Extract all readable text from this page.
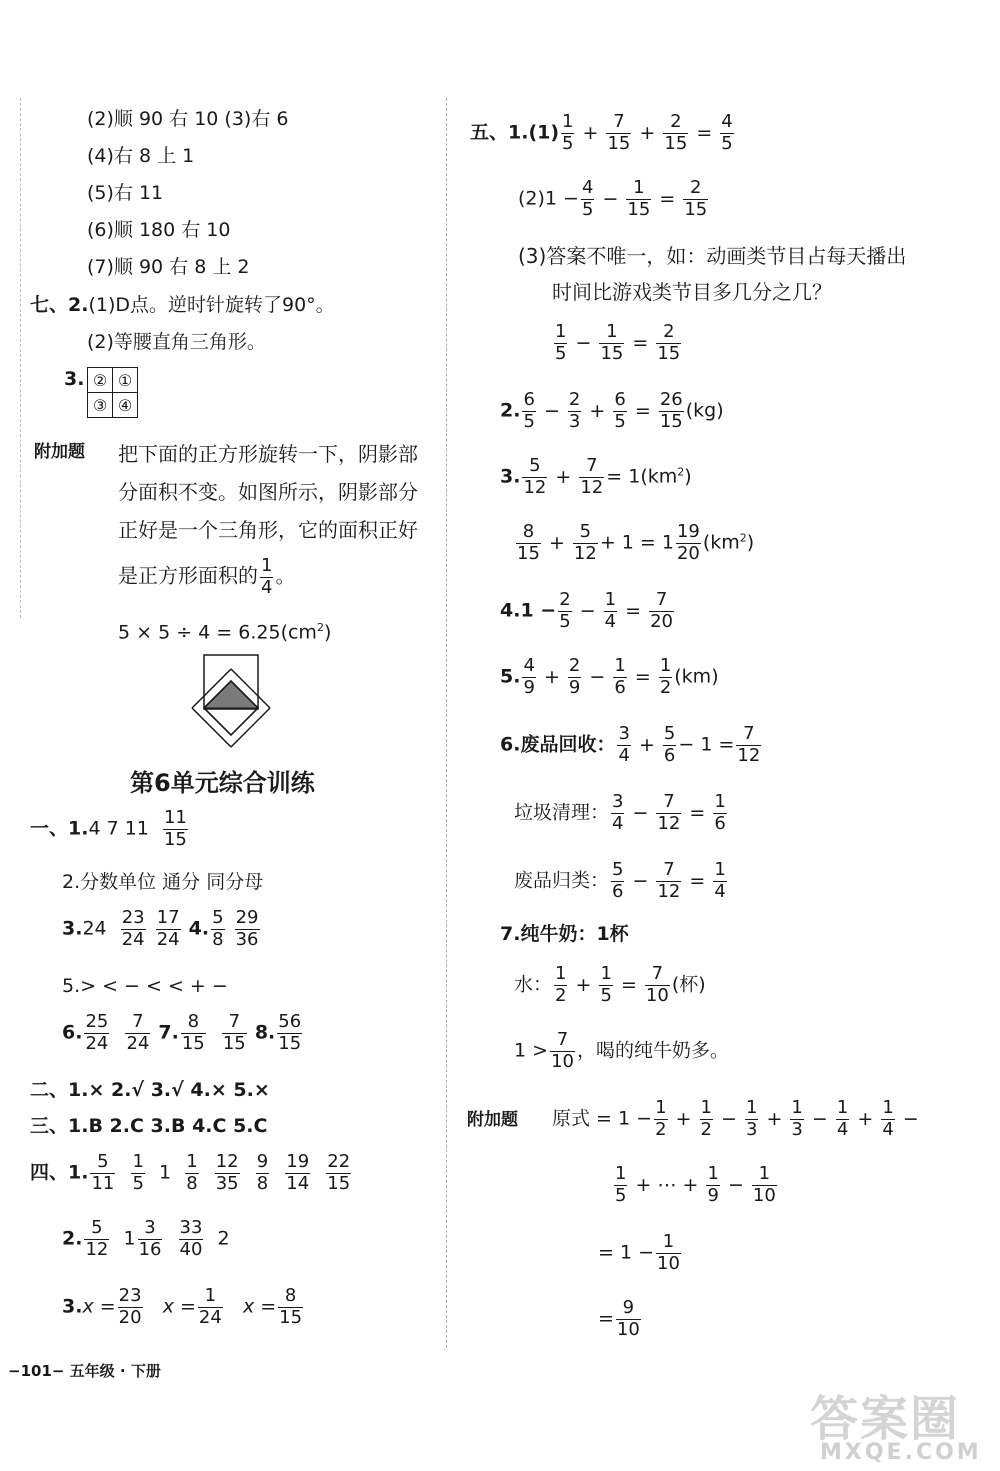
(2)顺 90 右 10 (3)右 6
(4)右 8 上 1
(5)右 11
(6)顺 180 右 10
(7)顺 90 右 8 上 2
七、2.(1)D点。逆时针旋转了90°。
(2)等腰直角三角形。
3. ②	①
③	④
附加题 把下面的正方形旋转一下，阴影部
分面积不变。如图所示，阴影部分
正好是一个三角形，它的面积正好
是正方形面积的 $\frac{1}{4}$ 。
$5 \times 5 \div 4 = 6.25(cm^2)$
第6单元综合训练
一、1.4 7 $11 \frac{11}{15}$
2.分数单位 通分 同分母
$3.24 \frac{23}{24}$
$\frac{17}{24} 4$. $\frac{5}{8}$
$\frac{29}{36}$
5.> < − < < + −
6. $\frac{25}{24}$
$\frac{7}{24} 7$. $\frac{8}{15}$
$\frac{7}{15} 8$. $\frac{56}{15}$
二、1.× 2.√ 3.√ 4.× 5.×
三、1.B 2.C 3.B 4.C 5.C
四、1. $\frac{5}{11}$
$\frac{1}{5} 1 \frac{1}{8}$
$\frac{12}{35}$
$\frac{9}{8}$
$\frac{19}{14}$
$\frac{22}{15}$
2. $\frac{5}{12} 1 \frac{3}{16}$
$\frac{33}{40} 2$
$3.x = \frac{23}{20}$ $x = \frac{1}{24}$ $x = \frac{8}{15}$
五、$1.(1) \frac{1}{5} + \frac{7}{15} + \frac{2}{15} = \frac{4}{5}$
$(2)1 - \frac{4}{5} - \frac{1}{15} = \frac{2}{15}$
(3)答案不唯一，如：动画类节目占每天播出
时间比游戏类节目多几分之几？
$\frac{1}{5} - \frac{1}{15} = \frac{2}{15}$
2. $\frac{6}{5} - \frac{2}{3} + \frac{6}{5} = \frac{26}{15} (kg)$
3. $\frac{5}{12} + \frac{7}{12} = 1(km^2)$
$\frac{8}{15} + \frac{5}{12} + 1 = 1 \frac{19}{20} (km^2)$
$4.1 - \frac{2}{5} - \frac{1}{4} = \frac{7}{20}$
5. $\frac{4}{9} + \frac{2}{9} - \frac{1}{6} = \frac{1}{2} (km)$
6.废品回收： $\frac{3}{4} + \frac{5}{6} - 1 = \frac{7}{12}$
垃圾清理： $\frac{3}{4} - \frac{7}{12} = \frac{1}{6}$
废品归类： $\frac{5}{6} - \frac{7}{12} = \frac{1}{4}$
7.纯牛奶：1杯
水： $\frac{1}{2} + \frac{1}{5} = \frac{7}{10}$ (杯)
$1 > \frac{7}{10}$ ，喝的纯牛奶多。
附加题 原式 = $1 - \frac{1}{2} + \frac{1}{2} - \frac{1}{3} + \frac{1}{3} - \frac{1}{4} + \frac{1}{4}$ −
$\frac{1}{5}$ + ⋯ + $\frac{1}{9} - \frac{1}{10}$
= $1 - \frac{1}{10}$
= $\frac{9}{10}$
−101− 五年级 · 下册
答案圈
MXQE.COM
